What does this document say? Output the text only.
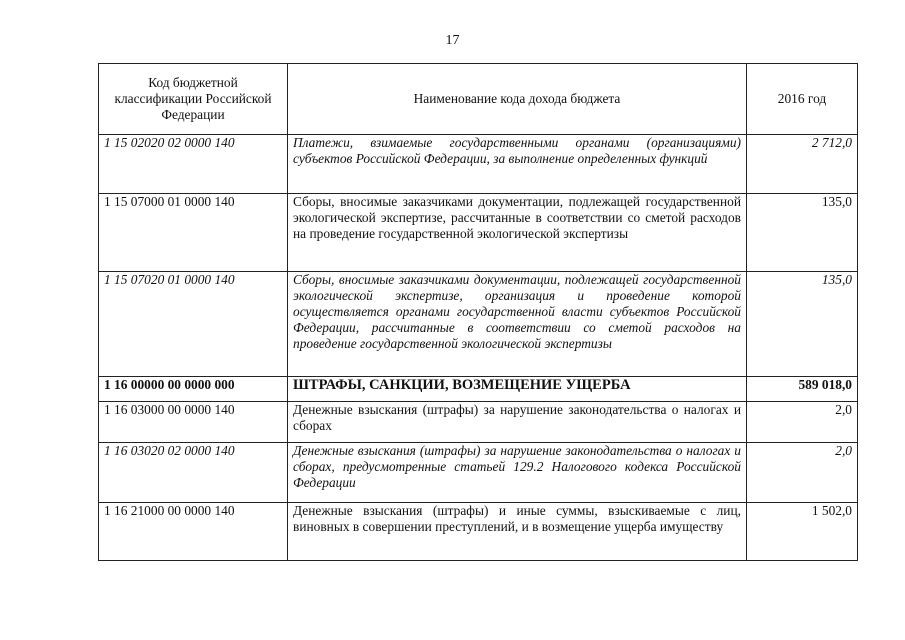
17
Код бюджетной классификации Российской Федерации	Наименование кода дохода бюджета	2016 год
1 15 02020 02 0000 140	Платежи, взимаемые государственными органами (организациями) субъектов Российской Федерации, за выполнение определенных функций	2 712,0
1 15 07000 01 0000 140	Сборы, вносимые заказчиками документации, подлежащей государственной экологической экспертизе, рассчитанные в соответствии со сметой расходов на проведение государственной экологической экспертизы	135,0
1 15 07020 01 0000 140	Сборы, вносимые заказчиками документации, подлежащей государственной экологической экспертизе, организация и проведение которой осуществляется органами государственной власти субъектов Российской Федерации, рассчитанные в соответствии со сметой расходов на проведение государственной экологической экспертизы	135,0
1 16 00000 00 0000 000	ШТРАФЫ, САНКЦИИ, ВОЗМЕЩЕНИЕ УЩЕРБА	589 018,0
1 16 03000 00 0000 140	Денежные взыскания (штрафы) за нарушение законодательства о налогах и сборах	2,0
1 16 03020 02 0000 140	Денежные взыскания (штрафы) за нарушение законодательства о налогах и сборах, предусмотренные статьей 129.2 Налогового кодекса Российской Федерации	2,0
1 16 21000 00 0000 140	Денежные взыскания (штрафы) и иные суммы, взыскиваемые с лиц, виновных в совершении преступлений, и в возмещение ущерба имуществу	1 502,0
